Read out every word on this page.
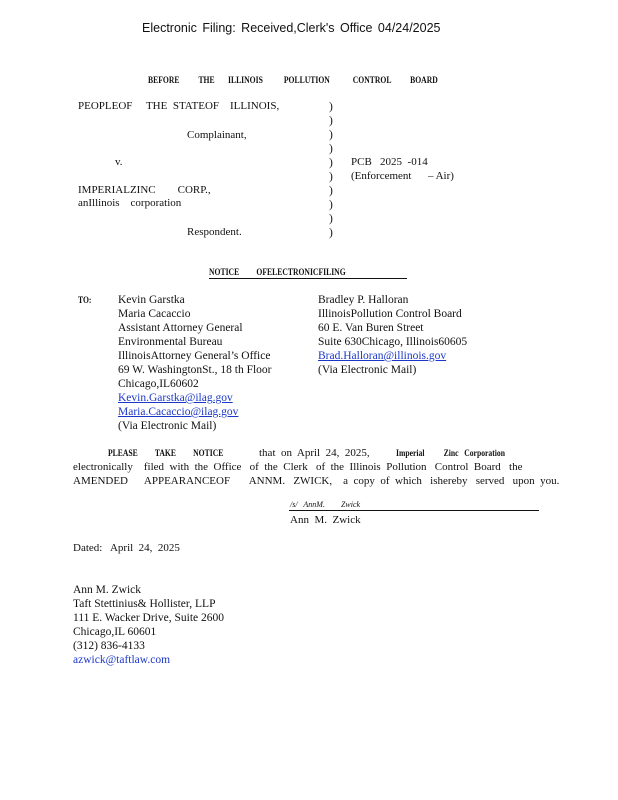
Electronic Filing: Received,Clerk's Office 04/24/2025
BEFORE          THE       ILLINOIS           POLLUTION            CONTROL          BOARD
PEOPLEOF     THE  STATEOF    ILLINOIS,
Complainant,
v.
IMPERIALZINC        CORP.,
anIllinois    corporation
Respondent.
)
)
)
)
)
)
)
)
)
)
PCB   2025  -014
(Enforcement      – Air)
NOTICE         OFELECTRONICFILING
TO: Kevin Garstka
Maria Cacaccio
Assistant Attorney General
Environmental Bureau
IllinoisAttorney General’s Office
69 W. WashingtonSt., 18 th Floor
Chicago,IL60602
Kevin.Garstka@ilag.gov
Maria.Cacaccio@ilag.gov
(Via Electronic Mail)
Bradley P. Halloran
IllinoisPollution Control Board
60 E. Van Buren Street
Suite 630Chicago, Illinois60605
Brad.Halloran@illinois.gov
(Via Electronic Mail)
PLEASE         TAKE         NOTICE	that  on  April  24,  2025,	Imperial          Zinc   Corporation
electronically    filed  with  the  Office   of  the  Clerk   of  the  Illinois  Pollution   Control  Board   the
AMENDED      APPEARANCEOF       ANNM.   ZWICK,    a  copy  of  which   ishereby   served   upon  you.
/s/   AnnM.        Zwick
Ann  M.  Zwick
Dated:   April  24,  2025
Ann M. Zwick
Taft Stettinius& Hollister, LLP
111 E. Wacker Drive, Suite 2600
Chicago,IL 60601
(312) 836-4133
azwick@taftlaw.com
